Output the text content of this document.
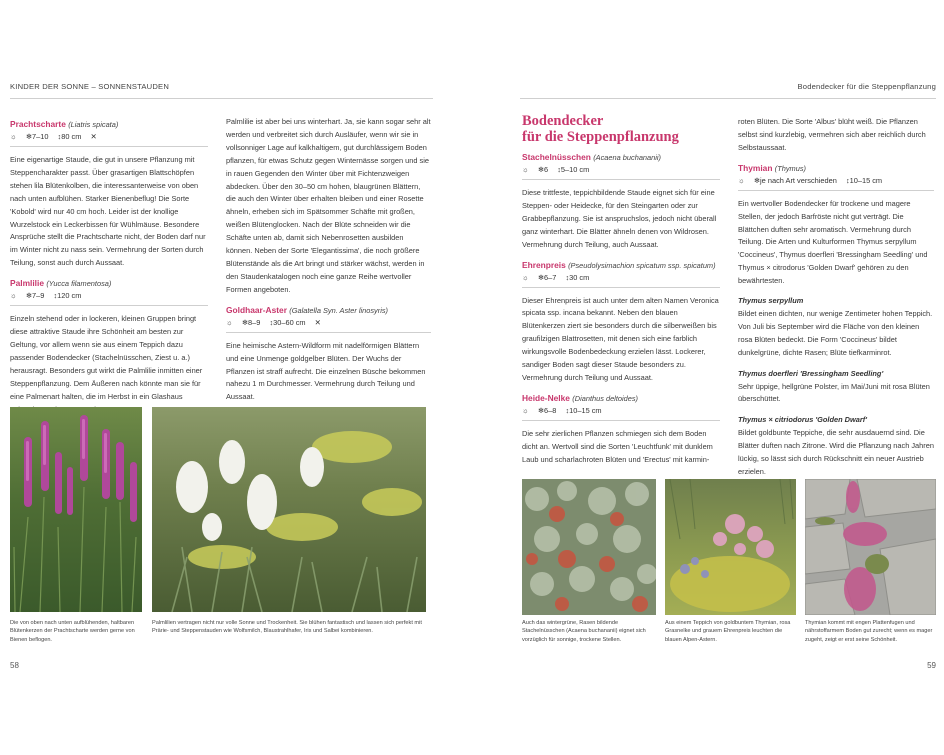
KINDER DER SONNE – SONNENSTAUDEN	Bodendecker für die Steppenpflanzung
Prachtscharte (Liatris spicata)
☼ ❄7–10 ↕80 cm ✕

Eine eigenartige Staude, die gut in unsere Pflanzung mit Steppencharakter passt. Über grasartigen Blattschöpfen stehen lila Blütenkolben, die interessanterweise von oben nach unten aufblühen. Starker Bienenbeflug! Die Sorte 'Kobold' wird nur 40 cm hoch. Leider ist der knollige Wurzelstock ein Leckerbissen für Wühlmäuse. Besondere Ansprüche stellt die Prachtscharte nicht, der Boden darf nur im Winter nicht zu nass sein. Vermehrung der Sorten durch Teilung, sonst auch durch Aussaat.

Palmlilie (Yucca filamentosa)
☼ ❄7–9 ↕120 cm

Einzeln stehend oder in lockeren, kleinen Gruppen bringt diese attraktive Staude ihre Schönheit am besten zur Geltung, vor allem wenn sie aus einem Teppich dazu passender Bodendecker (Stachelnüsschen, Ziest u. a.) herausragt. Besonders gut wirkt die Palmlilie inmitten einer Steppenpflanzung. Dem Äußeren nach könnte man sie für eine Palmenart halten, die im Herbst in ein Glashaus

Palmlilie ist aber bei uns winterhart. Ja, sie kann sogar sehr alt werden und verbreitet sich durch Ausläufer, wenn wir sie in vollsonniger Lage auf kalkhaltigem, gut durchlässigem Boden pflanzen, für etwas Schutz gegen Winternässe sorgen und sie in rauen Gegenden den Winter über mit Fichtenzweigen abdecken. Über den 30–50 cm hohen, blaugrünen Blättern, die auch den Winter über erhalten bleiben und einer Rosette ähneln, erheben sich im Spätsommer Schäfte mit großen, weißen Blütenglocken. Nach der Blüte schneiden wir die Schäfte unten ab, damit sich Nebenrosetten ausbilden können. Neben der Sorte 'Elegantissima', die noch größere Blütenstände als die Art bringt und stärker wächst, werden in den Staudenkatalogen noch eine ganze Reihe wertvoller Formen angeboten.

Goldhaar-Aster (Galatella Syn. Aster linosyris)
☼ ❄8–9 ↕30–60 cm ✕

Eine heimische Astern-Wildform mit nadelförmigen Blättern und eine Unmenge goldgelber Blüten. Der Wuchs der Pflanzen ist straff aufrecht. Die einzelnen Büsche bekommen nahezu 1 m Durchmesser. Vermehrung durch Teilung und Aussaat.

Bodendecker
für die Steppenpflanzung
Stachelnüsschen (Acaena buchananii)
☼ ❄6 ↕5–10 cm

Diese trittfeste, teppichbildende Staude eignet sich für eine Steppen- oder Heidecke, für den Steingarten oder zur Grabbepflanzung. Sie ist anspruchslos, jedoch nicht überall ganz winterhart. Die Blätter ähneln denen von Wildrosen. Vermehrung durch Teilung, auch Aussaat.

Ehrenpreis (Pseudolysimachion spicatum ssp. spicatum)
☼ ❄6–7 ↕30 cm

Dieser Ehrenpreis ist auch unter dem alten Namen Veronica spicata ssp. incana bekannt. Neben den blauen Blütenkerzen ziert sie besonders durch die silberweißen bis graufilzigen Blattrosetten, mit denen sich eine farblich wirkungsvolle Bodenbedeckung erzielen lässt. Lockerer, sandiger Boden sagt dieser Staude besonders zu. Vermehrung durch Teilung und Aussaat.

Heide-Nelke (Dianthus deltoides)
☼ ❄6–8 ↕10–15 cm

Die sehr zierlichen Pflanzen schmiegen sich dem Boden dicht an. Wertvoll sind die Sorten 'Leuchtfunk' mit dunklem Laub und scharlachroten Blüten und 'Erectus' mit karmin-

roten Blüten. Die Sorte 'Albus' blüht weiß. Die Pflanzen selbst sind kurzlebig, vermehren sich aber reichlich durch Selbstaussaat.

Thymian (Thymus)
☼ ❄je nach Art verschieden ↕10–15 cm

Ein wertvoller Bodendecker für trockene und magere Stellen, der jedoch Barfröste nicht gut verträgt. Die Blättchen duften sehr aromatisch. Vermehrung durch Teilung. Die Arten und Kulturformen Thymus serpyllum 'Coccineus', Thymus doerfleri 'Bressingham Seedling' und Thymus × citrodorus 'Golden Dwarf' gehören zu den bewährtesten.

Thymus serpyllum
Bildet einen dichten, nur wenige Zentimeter hohen Teppich. Von Juli bis September wird die Fläche von den kleinen rosa Blüten bedeckt. Die Form 'Coccineus' bildet dunkelgrüne, dichte Rasen; Blüte tiefkarminrot.
Thymus doerfleri 'Bressingham Seedling'
Sehr üppige, hellgrüne Polster, im Mai/Juni mit rosa Blüten überschüttet.
Thymus × citriodorus 'Golden Dwarf'
Bildet goldbunte Teppiche, die sehr ausdauernd sind. Die Blätter duften nach Zitrone. Wird die Pflanzung nach Jahren lückig, so lässt sich durch Rückschnitt ein neuer Austrieb erzielen.
Die von oben nach unten aufblühenden, haltbaren Blütenkerzen der Prachtscharte werden gerne von Bienen beflogen.
Palmlilien vertragen nicht nur volle Sonne und Trockenheit. Sie blühen fantastisch und lassen sich perfekt mit Prärie- und Steppenstauden wie Wolfsmilch, Blaustrahlhafer, Iris und Salbei kombinieren.
Auch das wintergrüne, Rasen bildende Stachelnüsschen (Acaena buchananii) eignet sich vorzüglich für sonnige, trockene Stellen.
Aus einem Teppich von goldbuntem Thymian, rosa Grasnelke und grauem Ehrenpreis leuchten die blauen Alpen-Astern.
Thymian kommt mit engen Plattenfugen und nährstoffarmem Boden gut zurecht; wenn es mager zugeht, zeigt er erst seine Schönheit.
58	59
